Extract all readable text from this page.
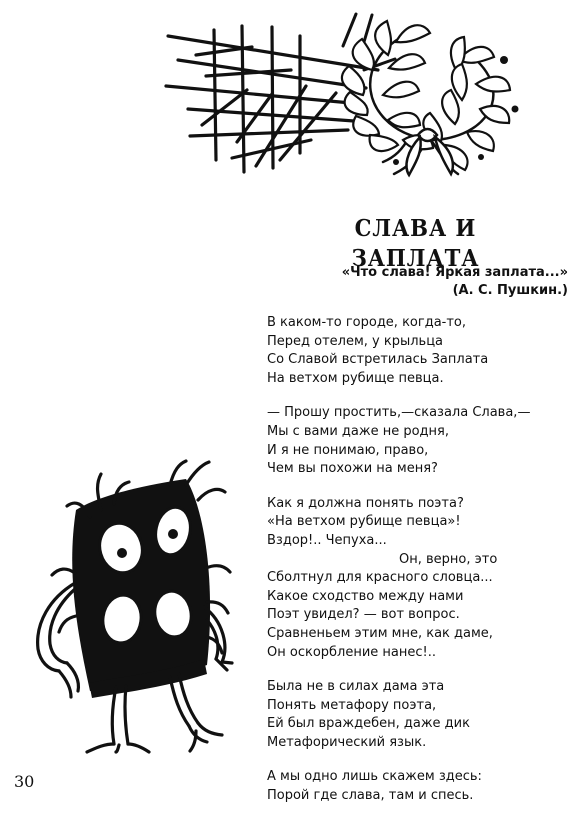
СЛАВА И ЗАПЛАТА
«Что слава! Яркая заплата...»
(А. С. Пушкин.)
В каком-то городе, когда-то,
Перед отелем, у крыльца
Со Славой встретилась Заплата
На ветхом рубище певца.
— Прошу простить,—сказала Слава,—
Мы с вами даже не родня,
И я не понимаю, право,
Чем вы похожи на меня?
Как я должна понять поэта?
«На ветхом рубище певца»!
Вздор!.. Чепуха...
Он, верно, это
Сболтнул для красного словца...
Какое сходство между нами
Поэт увидел? — вот вопрос.
Сравненьем этим мне, как даме,
Он оскорбление нанес!..
Была не в силах дама эта
Понять метафору поэта,
Ей был враждебен, даже дик
Метафорический язык.
А мы одно лишь скажем здесь:
Порой где слава, там и спесь.
30
